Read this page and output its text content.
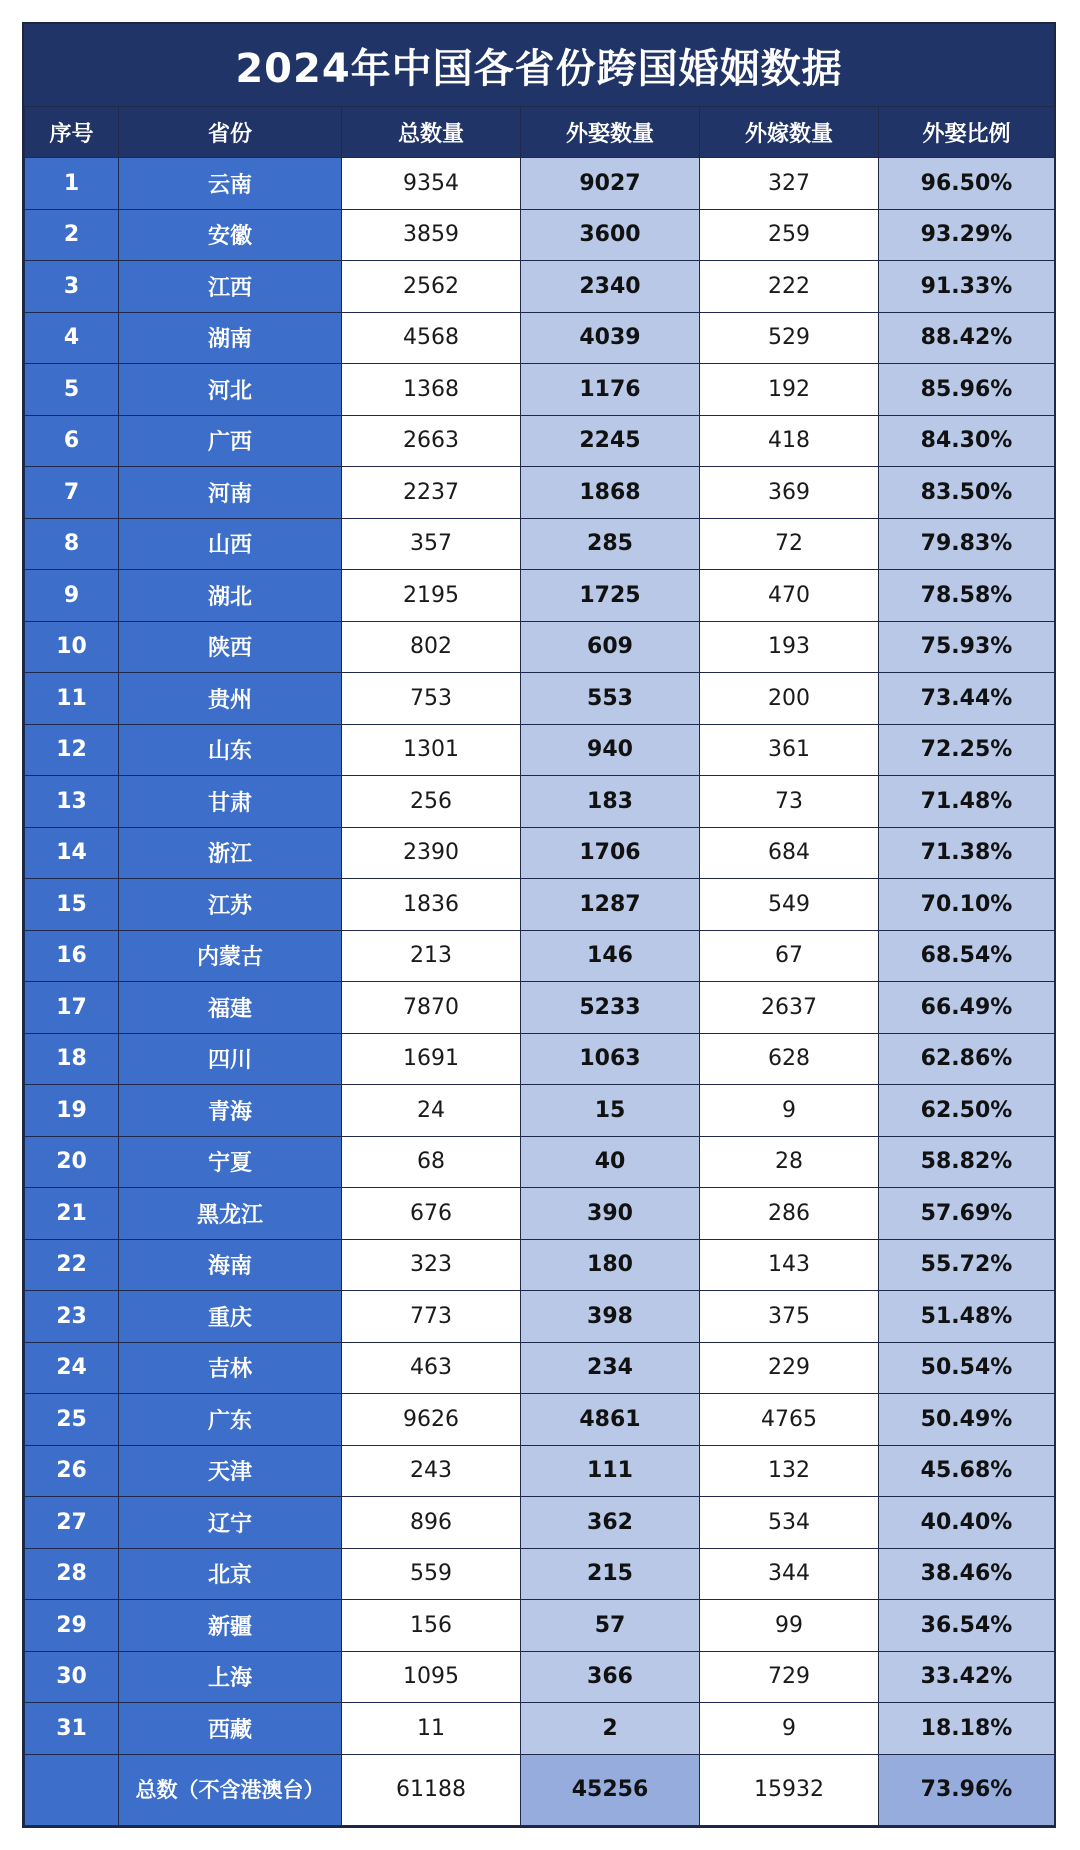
2024年中国各省份跨国婚姻数据
序号	省份	总数量	外娶数量	外嫁数量	外娶比例
1	云南	9354	9027	327	96.50%
2	安徽	3859	3600	259	93.29%
3	江西	2562	2340	222	91.33%
4	湖南	4568	4039	529	88.42%
5	河北	1368	1176	192	85.96%
6	广西	2663	2245	418	84.30%
7	河南	2237	1868	369	83.50%
8	山西	357	285	72	79.83%
9	湖北	2195	1725	470	78.58%
10	陕西	802	609	193	75.93%
11	贵州	753	553	200	73.44%
12	山东	1301	940	361	72.25%
13	甘肃	256	183	73	71.48%
14	浙江	2390	1706	684	71.38%
15	江苏	1836	1287	549	70.10%
16	内蒙古	213	146	67	68.54%
17	福建	7870	5233	2637	66.49%
18	四川	1691	1063	628	62.86%
19	青海	24	15	9	62.50%
20	宁夏	68	40	28	58.82%
21	黑龙江	676	390	286	57.69%
22	海南	323	180	143	55.72%
23	重庆	773	398	375	51.48%
24	吉林	463	234	229	50.54%
25	广东	9626	4861	4765	50.49%
26	天津	243	111	132	45.68%
27	辽宁	896	362	534	40.40%
28	北京	559	215	344	38.46%
29	新疆	156	57	99	36.54%
30	上海	1095	366	729	33.42%
31	西藏	11	2	9	18.18%
	总数（不含港澳台）	61188	45256	15932	73.96%
